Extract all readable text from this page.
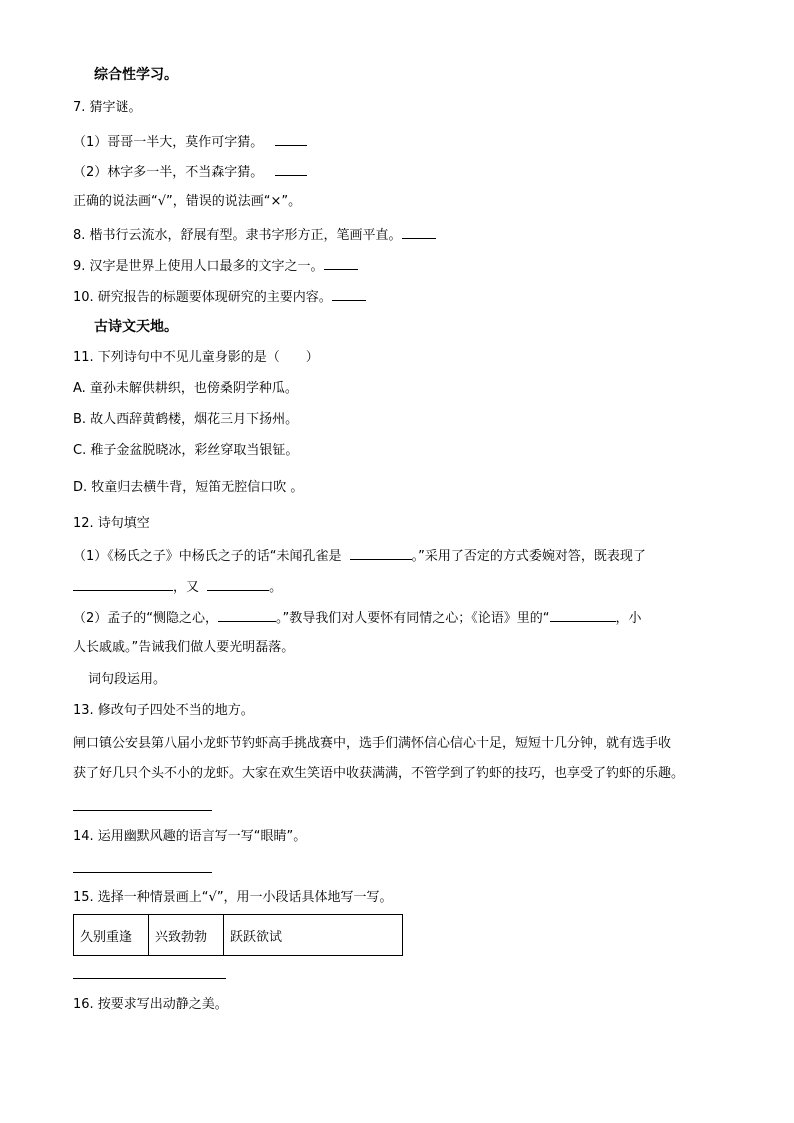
综合性学习。
7. 猜字谜。
（1）哥哥一半大，莫作可字猜。
（2）林字多一半，不当森字猜。
正确的说法画“√”，错误的说法画“×”。
8. 楷书行云流水，舒展有型。隶书字形方正，笔画平直。
9. 汉字是世界上使用人口最多的文字之一。
10. 研究报告的标题要体现研究的主要内容。
古诗文天地。
11. 下列诗句中不见儿童身影的是（　　）
A. 童孙未解供耕织，也傍桑阴学种瓜。
B. 故人西辞黄鹤楼，烟花三月下扬州。
C. 稚子金盆脱晓冰，彩丝穿取当银钲。
D. 牧童归去横牛背，短笛无腔信口吹 。
12. 诗句填空
（1）《杨氏之子》中杨氏之子的话“未闻孔雀是	。”采用了否定的方式委婉对答，既表现了
，又	。
（2）孟子的“恻隐之心，	。”教导我们对人要怀有同情之心；《论语》里的“	，小
人长戚戚。”告诫我们做人要光明磊落。
词句段运用。
13. 修改句子四处不当的地方。
闸口镇公安县第八届小龙虾节钓虾高手挑战赛中，选手们满怀信心信心十足，短短十几分钟，就有选手收
获了好几只个头不小的龙虾。大家在欢生笑语中收获满满，不管学到了钓虾的技巧，也享受了钓虾的乐趣。
14. 运用幽默风趣的语言写一写“眼睛”。
15. 选择一种情景画上“√”，用一小段话具体地写一写。
久别重逢	兴致勃勃	跃跃欲试
16. 按要求写出动静之美。
